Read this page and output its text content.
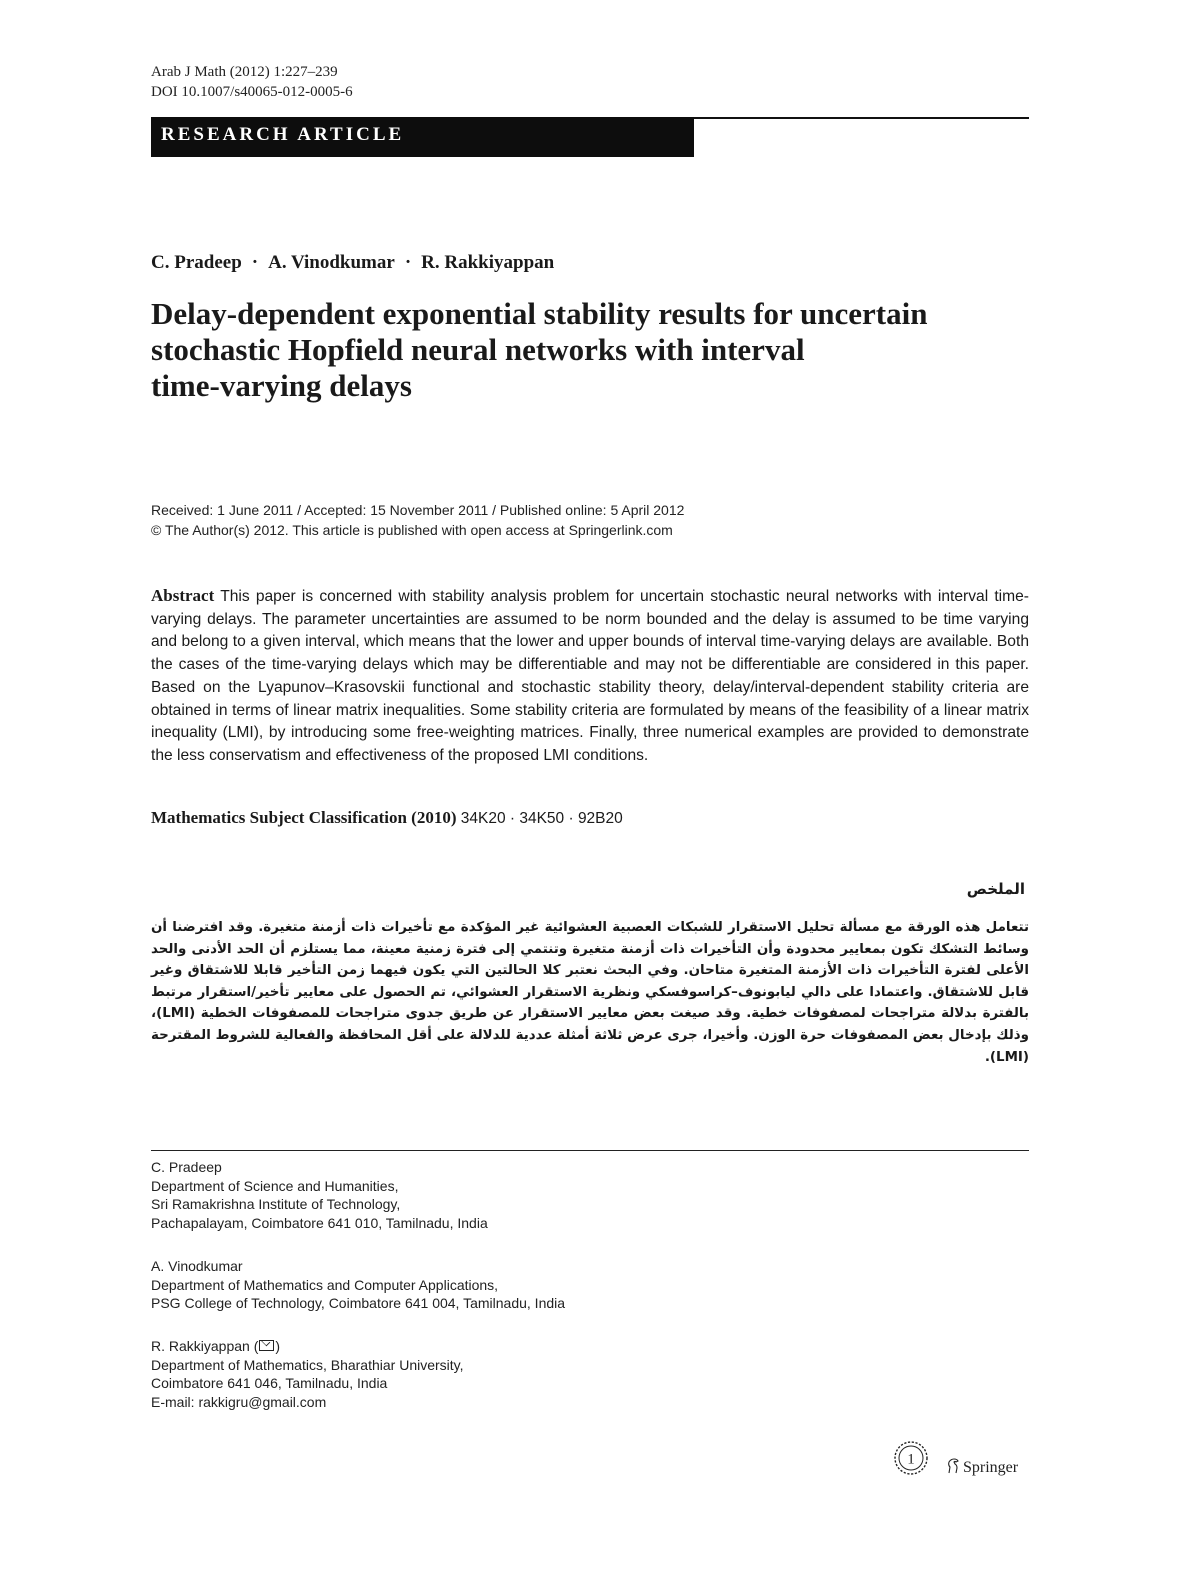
Arab J Math (2012) 1:227–239
DOI 10.1007/s40065-012-0005-6
RESEARCH ARTICLE
C. Pradeep · A. Vinodkumar · R. Rakkiyappan
Delay-dependent exponential stability results for uncertain
stochastic Hopfield neural networks with interval
time-varying delays
Received: 1 June 2011 / Accepted: 15 November 2011 / Published online: 5 April 2012
© The Author(s) 2012. This article is published with open access at Springerlink.com
Abstract This paper is concerned with stability analysis problem for uncertain stochastic neural networks with interval time-varying delays. The parameter uncertainties are assumed to be norm bounded and the delay is assumed to be time varying and belong to a given interval, which means that the lower and upper bounds of interval time-varying delays are available. Both the cases of the time-varying delays which may be differentiable and may not be differentiable are considered in this paper. Based on the Lyapunov–Krasovskii functional and stochastic stability theory, delay/interval-dependent stability criteria are obtained in terms of linear matrix inequalities. Some stability criteria are formulated by means of the feasibility of a linear matrix inequality (LMI), by introducing some free-weighting matrices. Finally, three numerical examples are provided to demonstrate the less conservatism and effectiveness of the proposed LMI conditions.
Mathematics Subject Classification (2010) 34K20 · 34K50 · 92B20
الملخص
تتعامل هذه الورقة مع مسألة تحليل الاستقرار للشبكات العصبية العشوائية غير المؤكدة مع تأخيرات ذات أزمنة متغيرة. وقد افترضنا أن وسائط التشكك تكون بمعايير محدودة وأن التأخيرات ذات أزمنة متغيرة وتنتمي إلى فترة زمنية معينة، مما يستلزم أن الحد الأدنى والحد الأعلى لفترة التأخيرات ذات الأزمنة المتغيرة متاحان. وفي البحث نعتبر كلا الحالتين التي يكون فيهما زمن التأخير قابلا للاشتقاق وغير قابل للاشتقاق. واعتمادا على دالي ليابونوف–كراسوفسكي ونظرية الاستقرار العشوائي، تم الحصول على معايير تأخير/استقرار مرتبط بالفترة بدلالة متراجحات لمصفوفات خطية. وقد صيغت بعض معايير الاستقرار عن طريق جدوى متراجحات للمصفوفات الخطية (LMI)، وذلك بإدخال بعض المصفوفات حرة الوزن. وأخيرا، جرى عرض ثلاثة أمثلة عددية للدلالة على أقل المحافظة والفعالية للشروط المقترحة (LMI).
C. Pradeep
Department of Science and Humanities,
Sri Ramakrishna Institute of Technology,
Pachapalayam, Coimbatore 641 010, Tamilnadu, India
A. Vinodkumar
Department of Mathematics and Computer Applications,
PSG College of Technology, Coimbatore 641 004, Tamilnadu, India
R. Rakkiyappan ( )
Department of Mathematics, Bharathiar University,
Coimbatore 641 046, Tamilnadu, India
E-mail: rakkigru@gmail.com
1	Springer
